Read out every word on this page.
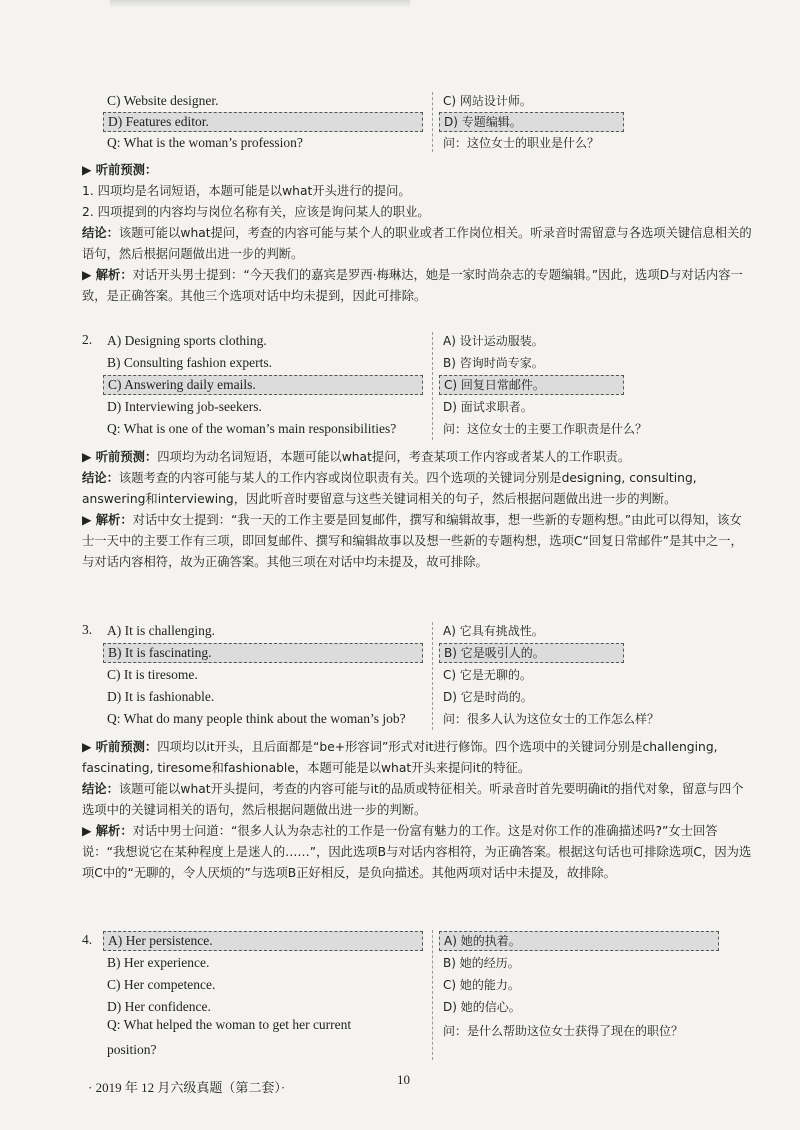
C) Website designer.
D) Features editor.
Q: What is the woman’s profession?
C) 网站设计师。
D) 专题编辑。
问：这位女士的职业是什么？
▶ 听前预测：
1. 四项均是名词短语，本题可能是以what开头进行的提问。
2. 四项提到的内容均与岗位名称有关，应该是询问某人的职业。
结论：该题可能以what提问，考查的内容可能与某个人的职业或者工作岗位相关。听录音时需留意与各选项关键信息相关的语句，然后根据问题做出进一步的判断。
▶ 解析：对话开头男士提到：“今天我们的嘉宾是罗西·梅琳达，她是一家时尚杂志的专题编辑。”因此，选项D与对话内容一致，是正确答案。其他三个选项对话中均未提到，因此可排除。
2. A) Designing sports clothing.
B) Consulting fashion experts.
C) Answering daily emails.
D) Interviewing job-seekers.
Q: What is one of the woman’s main responsibilities?
A) 设计运动服装。
B) 咨询时尚专家。
C) 回复日常邮件。
D) 面试求职者。
问：这位女士的主要工作职责是什么？
▶ 听前预测：四项均为动名词短语，本题可能以what提问，考查某项工作内容或者某人的工作职责。
结论：该题考查的内容可能与某人的工作内容或岗位职责有关。四个选项的关键词分别是designing, consulting, answering和interviewing，因此听音时要留意与这些关键词相关的句子，然后根据问题做出进一步的判断。
▶ 解析：对话中女士提到：“我一天的工作主要是回复邮件，撰写和编辑故事，想一些新的专题构想。”由此可以得知，该女士一天中的主要工作有三项，即回复邮件、撰写和编辑故事以及想一些新的专题构想，选项C“回复日常邮件”是其中之一，与对话内容相符，故为正确答案。其他三项在对话中均未提及，故可排除。
3. A) It is challenging.
B) It is fascinating.
C) It is tiresome.
D) It is fashionable.
Q: What do many people think about the woman’s job?
A) 它具有挑战性。
B) 它是吸引人的。
C) 它是无聊的。
D) 它是时尚的。
问：很多人认为这位女士的工作怎么样？
▶ 听前预测：四项均以it开头，且后面都是“be+形容词”形式对it进行修饰。四个选项中的关键词分别是challenging, fascinating, tiresome和fashionable，本题可能是以what开头来提问it的特征。
结论：该题可能以what开头提问，考查的内容可能与it的品质或特征相关。听录音时首先要明确it的指代对象，留意与四个选项中的关键词相关的语句，然后根据问题做出进一步的判断。
▶ 解析：对话中男士问道：“很多人认为杂志社的工作是一份富有魅力的工作。这是对你工作的准确描述吗?”女士回答说：“我想说它在某种程度上是迷人的……”，因此选项B与对话内容相符，为正确答案。根据这句话也可排除选项C，因为选项C中的“无聊的，令人厌烦的”与选项B正好相反，是负向描述。其他两项对话中未提及，故排除。
4.	A) Her persistence.
B) Her experience.
C) Her competence.
D) Her confidence.
Q: What helped the woman to get her current
position?
A) 她的执着。
B) 她的经历。
C) 她的能力。
D) 她的信心。
问：是什么帮助这位女士获得了现在的职位？
· 2019 年 12 月六级真题（第二套）·
10
